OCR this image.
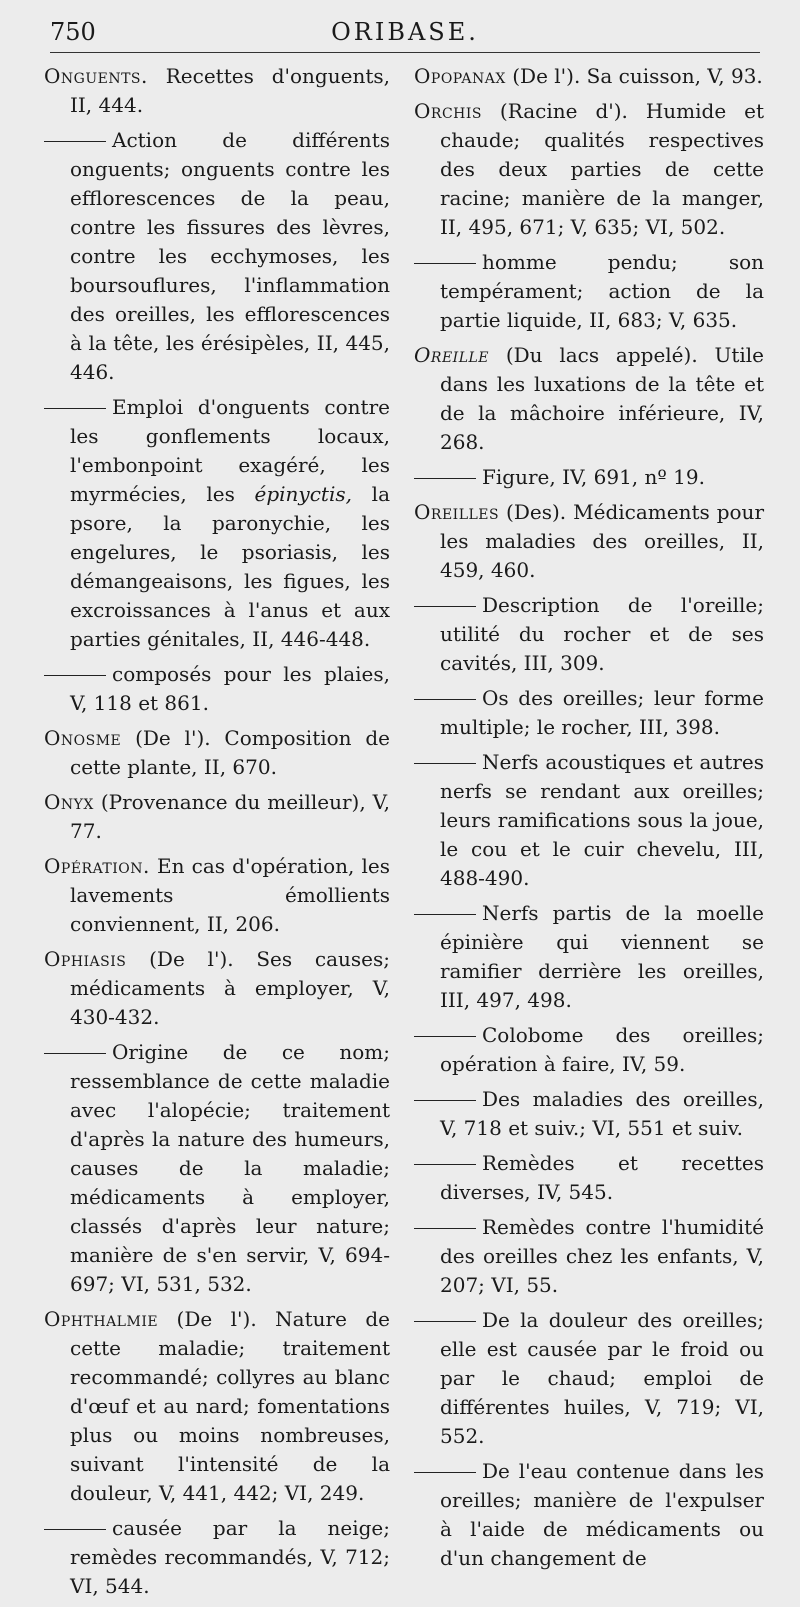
750	ORIBASE.

Onguents. Recettes d'onguents, II, 444.

Action de différents onguents; onguents contre les efflorescences de la peau, contre les fissures des lèvres, contre les ecchymoses, les boursouflures, l'inflammation des oreilles, les efflorescences à la tête, les érésipèles, II, 445, 446.

Emploi d'onguents contre les gonflements locaux, l'embonpoint exagéré, les myrmécies, les épinyctis, la psore, la paronychie, les engelures, le psoriasis, les démangeaisons, les figues, les excroissances à l'anus et aux parties génitales, II, 446-448.

composés pour les plaies, V, 118 et 861.

Onosme (De l'). Composition de cette plante, II, 670.

Onyx (Provenance du meilleur), V, 77.

Opération. En cas d'opération, les lavements émollients conviennent, II, 206.

Ophiasis (De l'). Ses causes; médicaments à employer, V, 430-432.

Origine de ce nom; ressemblance de cette maladie avec l'alopécie; traitement d'après la nature des humeurs, causes de la maladie; médicaments à employer, classés d'après leur nature; manière de s'en servir, V, 694-697; VI, 531, 532.

Ophthalmie (De l'). Nature de cette maladie; traitement recommandé; collyres au blanc d'œuf et au nard; fomentations plus ou moins nombreuses, suivant l'intensité de la douleur, V, 441, 442; VI, 249.

causée par la neige; remèdes recommandés, V, 712; VI, 544.

Opopanax (De l'). Sa cuisson, V, 93.

Orchis (Racine d'). Humide et chaude; qualités respectives des deux parties de cette racine; manière de la manger, II, 495, 671; V, 635; VI, 502.

homme pendu; son tempérament; action de la partie liquide, II, 683; V, 635.

Oreille (Du lacs appelé). Utile dans les luxations de la tête et de la mâchoire inférieure, IV, 268.

Figure, IV, 691, nº 19.

Oreilles (Des). Médicaments pour les maladies des oreilles, II, 459, 460.

Description de l'oreille; utilité du rocher et de ses cavités, III, 309.

Os des oreilles; leur forme multiple; le rocher, III, 398.

Nerfs acoustiques et autres nerfs se rendant aux oreilles; leurs ramifications sous la joue, le cou et le cuir chevelu, III, 488-490.

Nerfs partis de la moelle épinière qui viennent se ramifier derrière les oreilles, III, 497, 498.

Colobome des oreilles; opération à faire, IV, 59.

Des maladies des oreilles, V, 718 et suiv.; VI, 551 et suiv.

Remèdes et recettes diverses, IV, 545.

Remèdes contre l'humidité des oreilles chez les enfants, V, 207; VI, 55.

De la douleur des oreilles; elle est causée par le froid ou par le chaud; emploi de différentes huiles, V, 719; VI, 552.

De l'eau contenue dans les oreilles; manière de l'expulser à l'aide de médicaments ou d'un changement de
